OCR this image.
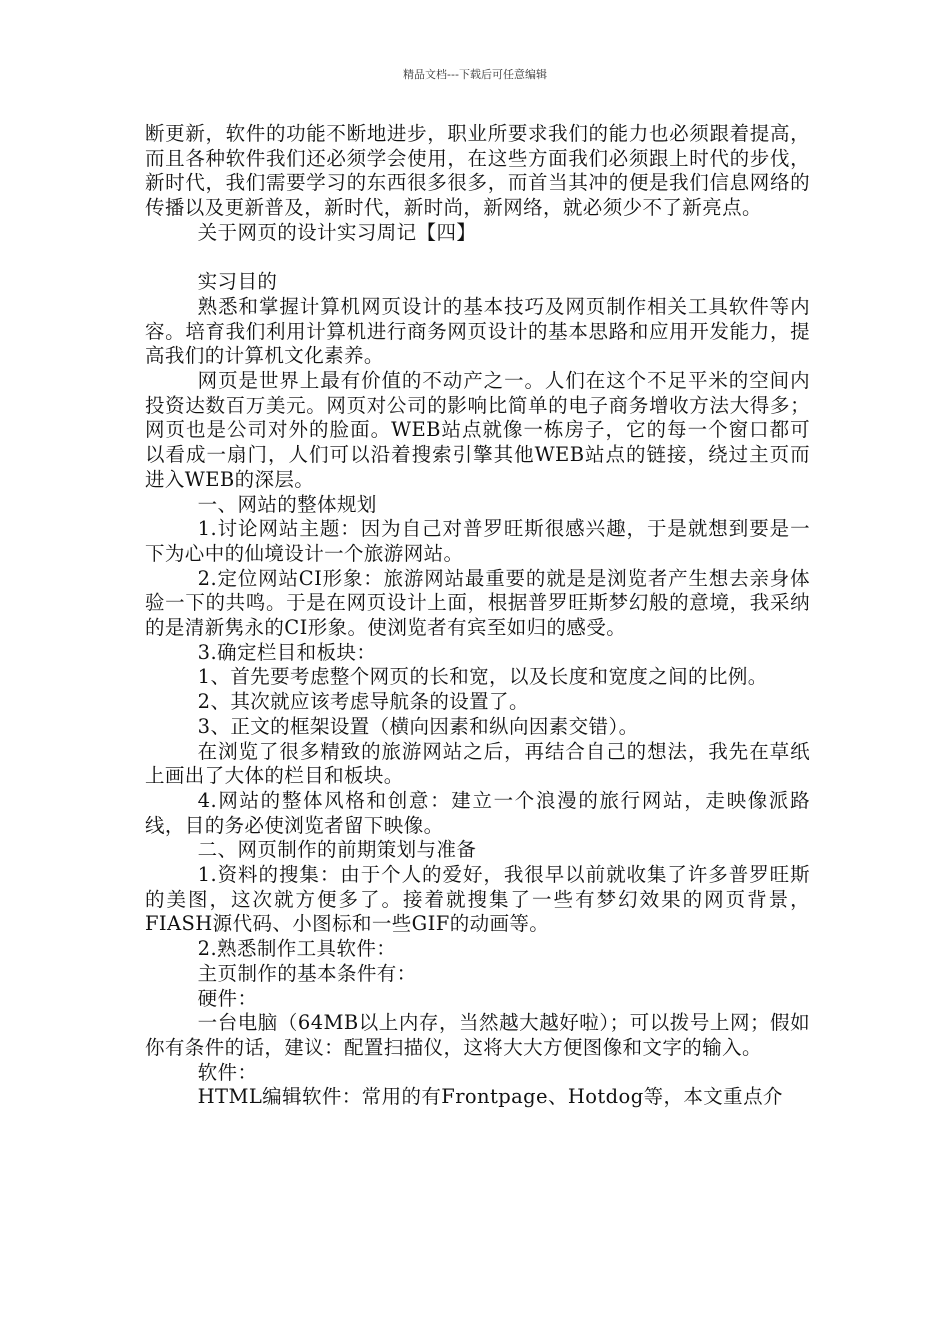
精品文档---下载后可任意编辑

断更新，软件的功能不断地进步，职业所要求我们的能力也必须跟着提高，而且各种软件我们还必须学会使用，在这些方面我们必须跟上时代的步伐，新时代，我们需要学习的东西很多很多，而首当其冲的便是我们信息网络的传播以及更新普及，新时代，新时尚，新网络，就必须少不了新亮点。

关于网页的设计实习周记【四】

实习目的

熟悉和掌握计算机网页设计的基本技巧及网页制作相关工具软件等内容。培育我们利用计算机进行商务网页设计的基本思路和应用开发能力，提高我们的计算机文化素养。

网页是世界上最有价值的不动产之一。人们在这个不足平米的空间内投资达数百万美元。网页对公司的影响比简单的电子商务增收方法大得多；网页也是公司对外的脸面。WEB站点就像一栋房子，它的每一个窗口都可以看成一扇门，人们可以沿着搜索引擎其他WEB站点的链接，绕过主页而进入WEB的深层。

一、网站的整体规划

1.讨论网站主题：因为自己对普罗旺斯很感兴趣，于是就想到要是一下为心中的仙境设计一个旅游网站。

2.定位网站CI形象：旅游网站最重要的就是是浏览者产生想去亲身体验一下的共鸣。于是在网页设计上面，根据普罗旺斯梦幻般的意境，我采纳的是清新隽永的CI形象。使浏览者有宾至如归的感受。

3.确定栏目和板块：

1、首先要考虑整个网页的长和宽，以及长度和宽度之间的比例。

2、其次就应该考虑导航条的设置了。

3、正文的框架设置（横向因素和纵向因素交错）。

在浏览了很多精致的旅游网站之后，再结合自己的想法，我先在草纸上画出了大体的栏目和板块。

4.网站的整体风格和创意：建立一个浪漫的旅行网站，走映像派路线，目的务必使浏览者留下映像。

二、网页制作的前期策划与准备

1.资料的搜集：由于个人的爱好，我很早以前就收集了许多普罗旺斯的美图，这次就方便多了。接着就搜集了一些有梦幻效果的网页背景，FIASH源代码、小图标和一些GIF的动画等。

2.熟悉制作工具软件：

主页制作的基本条件有：

硬件：

一台电脑（64MB以上内存，当然越大越好啦）；可以拨号上网；假如你有条件的话，建议：配置扫描仪，这将大大方便图像和文字的输入。

软件：

HTML编辑软件：常用的有Frontpage、Hotdog等，本文重点介
